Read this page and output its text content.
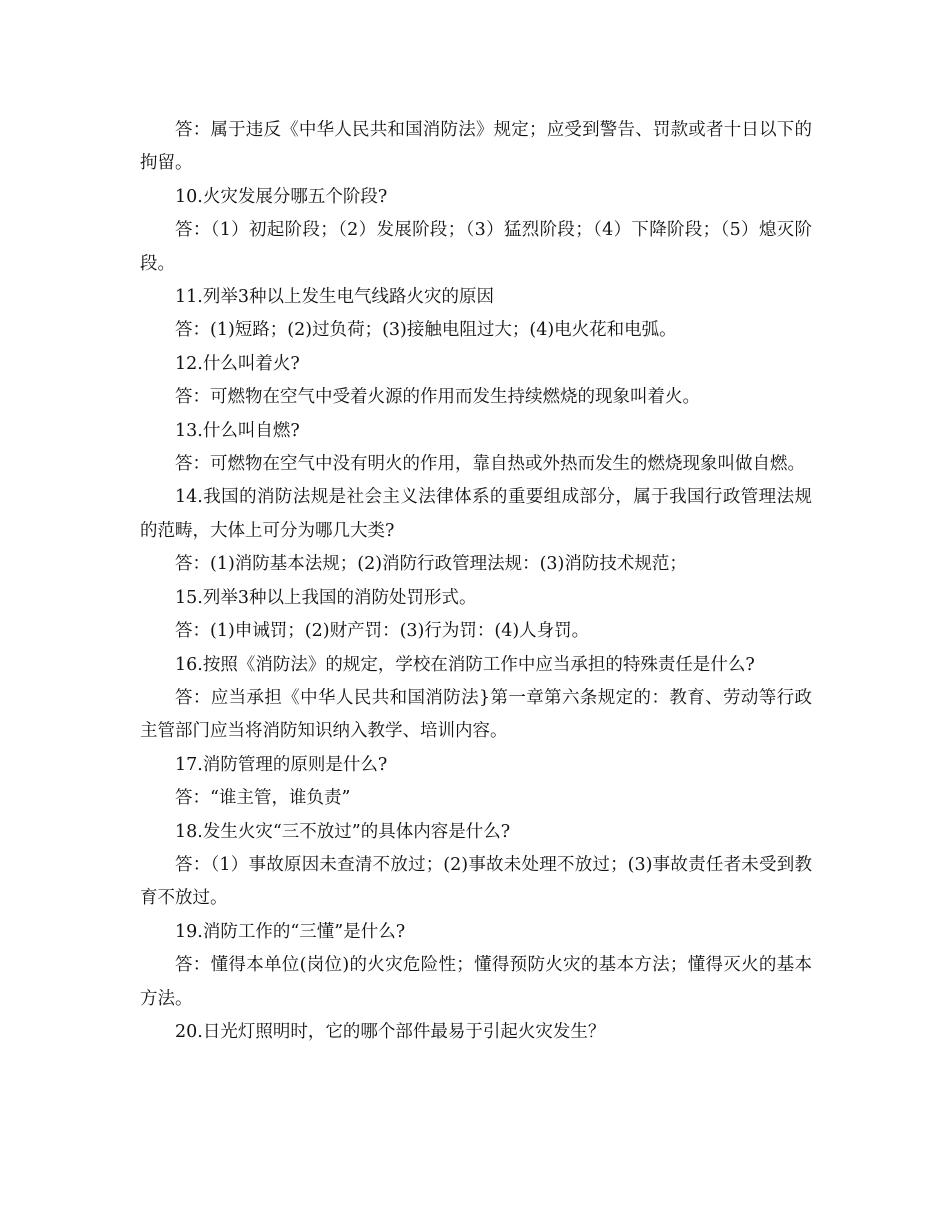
答：属于违反《中华人民共和国消防法》规定；应受到警告、罚款或者十日以下的拘留。

10.火灾发展分哪五个阶段?

答：（1）初起阶段；（2）发展阶段；（3）猛烈阶段；（4）下降阶段；（5）熄灭阶段。

11.列举3种以上发生电气线路火灾的原因

答：(1)短路；(2)过负荷；(3)接触电阻过大；(4)电火花和电弧。

12.什么叫着火?

答：可燃物在空气中受着火源的作用而发生持续燃烧的现象叫着火。

13.什么叫自燃?

答：可燃物在空气中没有明火的作用，靠自热或外热而发生的燃烧现象叫做自燃。

14.我国的消防法规是社会主义法律体系的重要组成部分，属于我国行政管理法规的范畴，大体上可分为哪几大类?

答：(1)消防基本法规；(2)消防行政管理法规：(3)消防技术规范；

15.列举3种以上我国的消防处罚形式。

答：(1)申诫罚；(2)财产罚：(3)行为罚：(4)人身罚。

16.按照《消防法》的规定，学校在消防工作中应当承担的特殊责任是什么?

答：应当承担《中华人民共和国消防法}第一章第六条规定的：教育、劳动等行政主管部门应当将消防知识纳入教学、培训内容。

17.消防管理的原则是什么?

答：“谁主管，谁负责”

18.发生火灾“三不放过”的具体内容是什么?

答：（1）事故原因未查清不放过；(2)事故未处理不放过；(3)事故责任者未受到教育不放过。

19.消防工作的“三懂”是什么?

答：懂得本单位(岗位)的火灾危险性；懂得预防火灾的基本方法；懂得灭火的基本方法。

20.日光灯照明时，它的哪个部件最易于引起火灾发生？
